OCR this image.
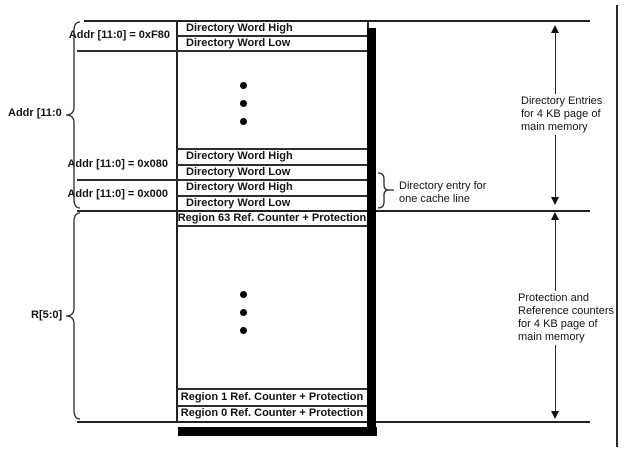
Directory Word High
Directory Word Low
Directory Word High
Directory Word Low
Directory Word High
Directory Word Low
Region 63 Ref. Counter + Protection
Region 1 Ref. Counter + Protection
Region 0 Ref. Counter + Protection
Addr [11:0] = 0xF80
Addr [11:0
Addr [11:0] = 0x080
Addr [11:0] = 0x000
R[5:0]
Directory entry for
one cache line
Directory Entries
for 4 KB page of
main memory
Protection and
Reference counters
for 4 KB page of
main memory
